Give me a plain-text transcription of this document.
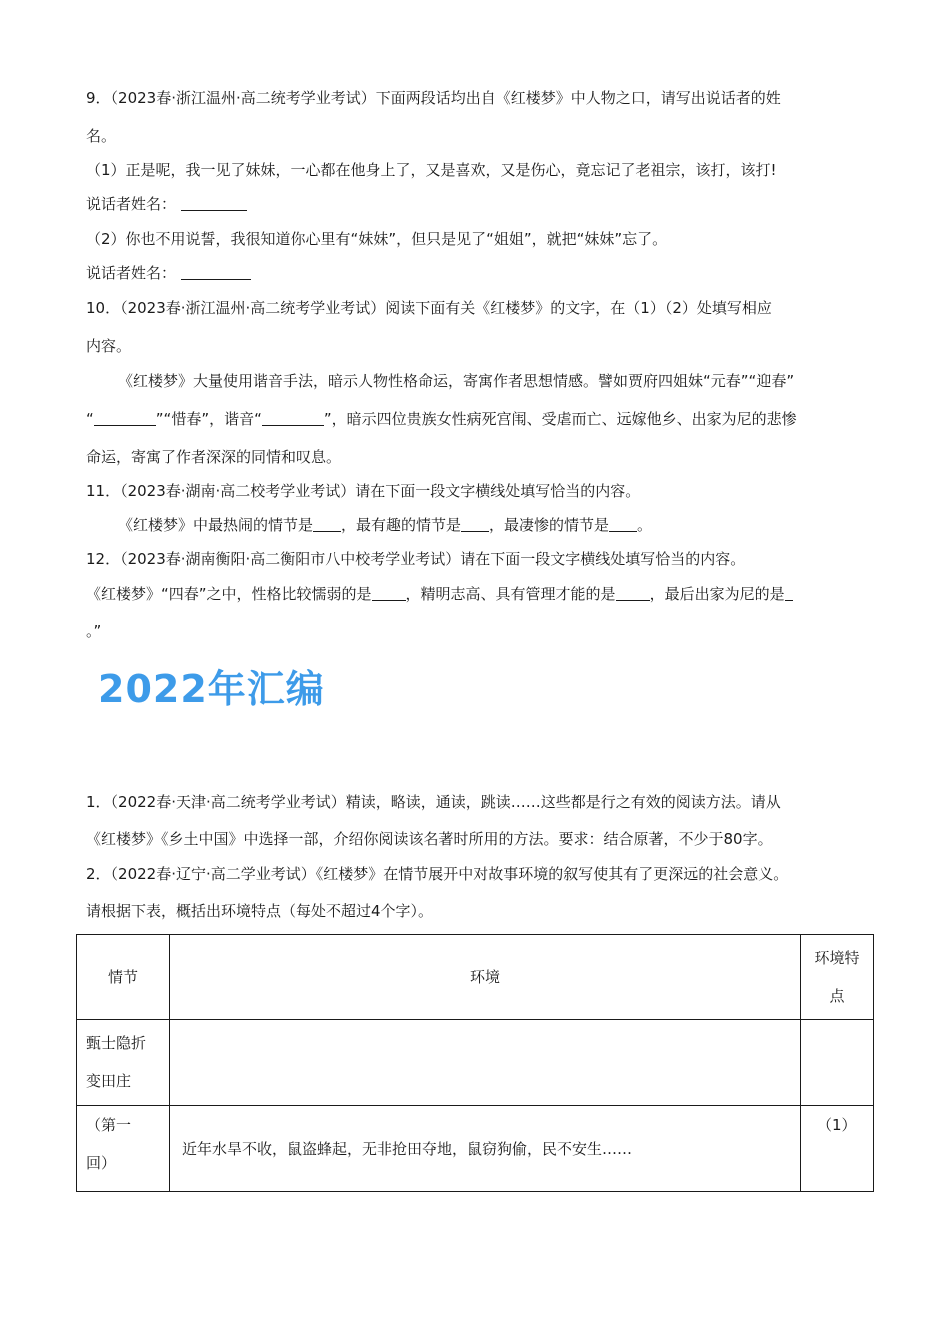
9．（2023春·浙江温州·高二统考学业考试）下面两段话均出自《红楼梦》中人物之口，请写出说话者的姓
名。
（1）正是呢，我一见了妹妹，一心都在他身上了，又是喜欢，又是伤心，竟忘记了老祖宗，该打，该打!
说话者姓名：
（2）你也不用说誓，我很知道你心里有“妹妹”，但只是见了“姐姐”，就把“妹妹”忘了。
说话者姓名：
10．（2023春·浙江温州·高二统考学业考试）阅读下面有关《红楼梦》的文字，在（1）（2）处填写相应
内容。
《红楼梦》大量使用谐音手法，暗示人物性格命运，寄寓作者思想情感。譬如贾府四姐妹“元春”“迎春”
“	”“惜春”，谐音“	”，暗示四位贵族女性病死宫闱、受虐而亡、远嫁他乡、出家为尼的悲惨
命运，寄寓了作者深深的同情和叹息。
11．（2023春·湖南·高二校考学业考试）请在下面一段文字横线处填写恰当的内容。
《红楼梦》中最热闹的情节是 ，最有趣的情节是 ，最凄惨的情节是 。
12．（2023春·湖南衡阳·高二衡阳市八中校考学业考试）请在下面一段文字横线处填写恰当的内容。
《红楼梦》“四春”之中，性格比较懦弱的是 ，精明志高、具有管理才能的是 ，最后出家为尼的是
。”
2022年汇编
1．（2022春·天津·高二统考学业考试）精读，略读，通读，跳读……这些都是行之有效的阅读方法。请从
《红楼梦》《乡土中国》中选择一部，介绍你阅读该名著时所用的方法。要求：结合原著，不少于80字。
2．（2022春·辽宁·高二学业考试）《红楼梦》在情节展开中对故事环境的叙写使其有了更深远的社会意义。
请根据下表，概括出环境特点（每处不超过4个字）。
情节	环境	环境特
点

甄士隐折
变田庄		

（第一
回）	近年水旱不收，鼠盗蜂起，无非抢田夺地，鼠窃狗偷，民不安生……	（1）
